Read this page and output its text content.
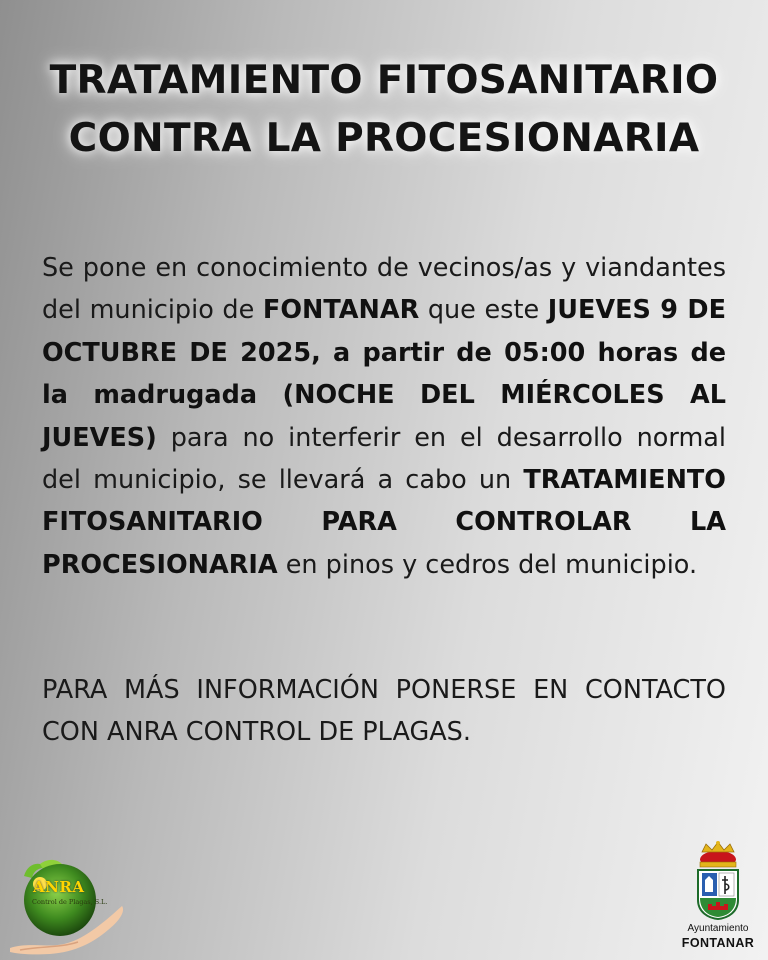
TRATAMIENTO FITOSANITARIO
CONTRA LA PROCESIONARIA
Se pone en conocimiento de vecinos/as y viandantes del municipio de FONTANAR que este JUEVES 9 DE OCTUBRE DE 2025, a partir de 05:00 horas de la madrugada (NOCHE DEL MIÉRCOLES AL JUEVES) para no interferir en el desarrollo normal del municipio, se llevará a cabo un TRATAMIENTO FITOSANITARIO PARA CONTROLAR LA PROCESIONARIA en pinos y cedros del municipio.
PARA MÁS INFORMACIÓN PONERSE EN CONTACTO CON ANRA CONTROL DE PLAGAS.
ANRA
Control de Plagas, S.L.
Ayuntamiento
FONTANAR
